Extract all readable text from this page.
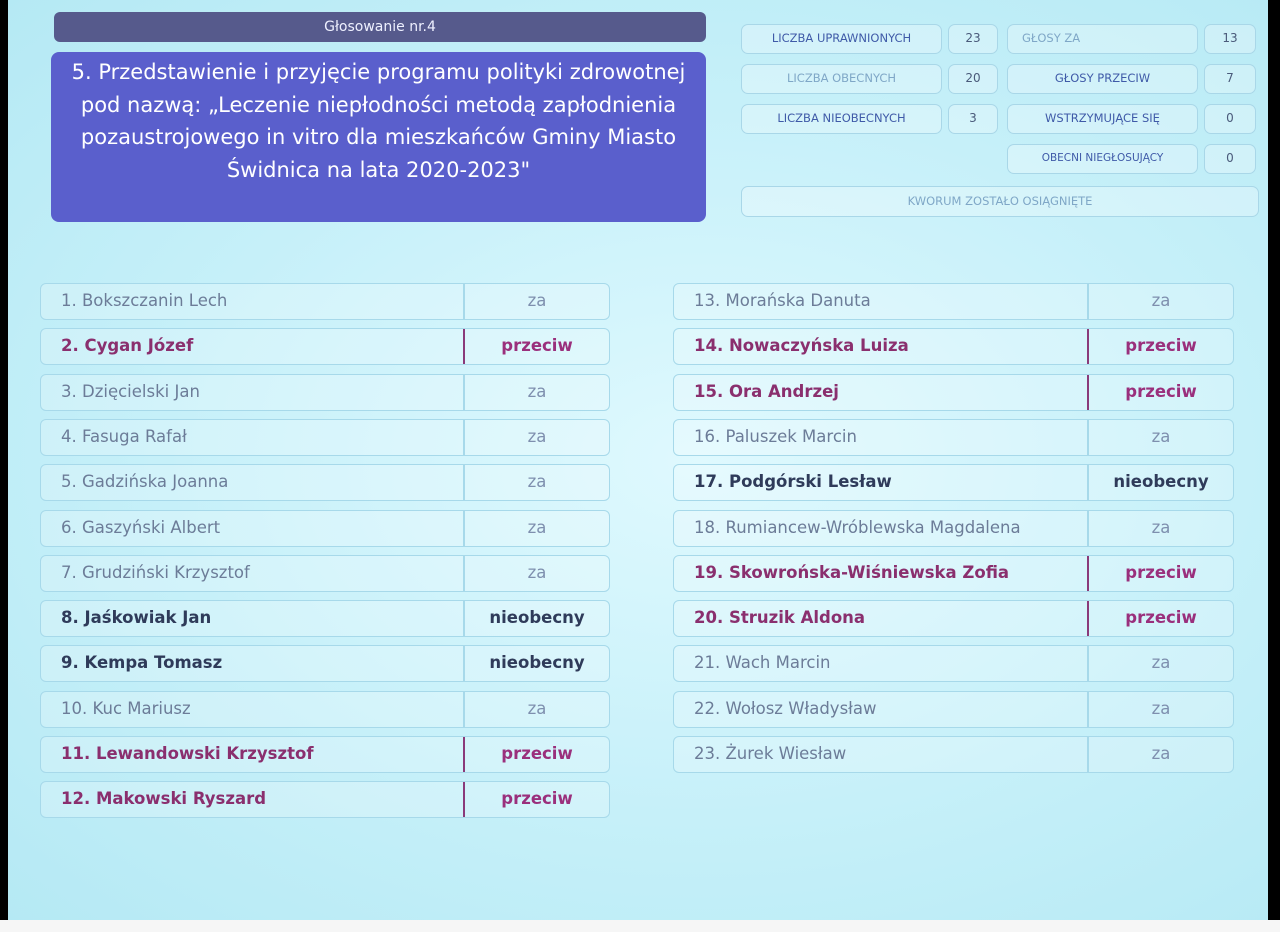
Głosowanie nr.4
5. Przedstawienie i przyjęcie programu polityki zdrowotnej pod nazwą: „Leczenie niepłodności metodą zapłodnienia pozaustrojowego in vitro dla mieszkańców Gminy Miasto Świdnica na lata 2020-2023"
LICZBA UPRAWNIONYCH	23
LICZBA OBECNYCH	20
LICZBA NIEOBECNYCH	3
GŁOSY ZA	13
GŁOSY PRZECIW	7
WSTRZYMUJĄCE SIĘ	0
OBECNI NIEGŁOSUJĄCY	0
KWORUM ZOSTAŁO OSIĄGNIĘTE
1. Bokszczanin Lech	za
2. Cygan Józef	przeciw
3. Dzięcielski Jan	za
4. Fasuga Rafał	za
5. Gadzińska Joanna	za
6. Gaszyński Albert	za
7. Grudziński Krzysztof	za
8. Jaśkowiak Jan	nieobecny
9. Kempa Tomasz	nieobecny
10. Kuc Mariusz	za
11. Lewandowski Krzysztof	przeciw
12. Makowski Ryszard	przeciw
13. Morańska Danuta	za
14. Nowaczyńska Luiza	przeciw
15. Ora Andrzej	przeciw
16. Paluszek Marcin	za
17. Podgórski Lesław	nieobecny
18. Rumiancew-Wróblewska Magdalena	za
19. Skowrońska-Wiśniewska Zofia	przeciw
20. Struzik Aldona	przeciw
21. Wach Marcin	za
22. Wołosz Władysław	za
23. Żurek Wiesław	za
